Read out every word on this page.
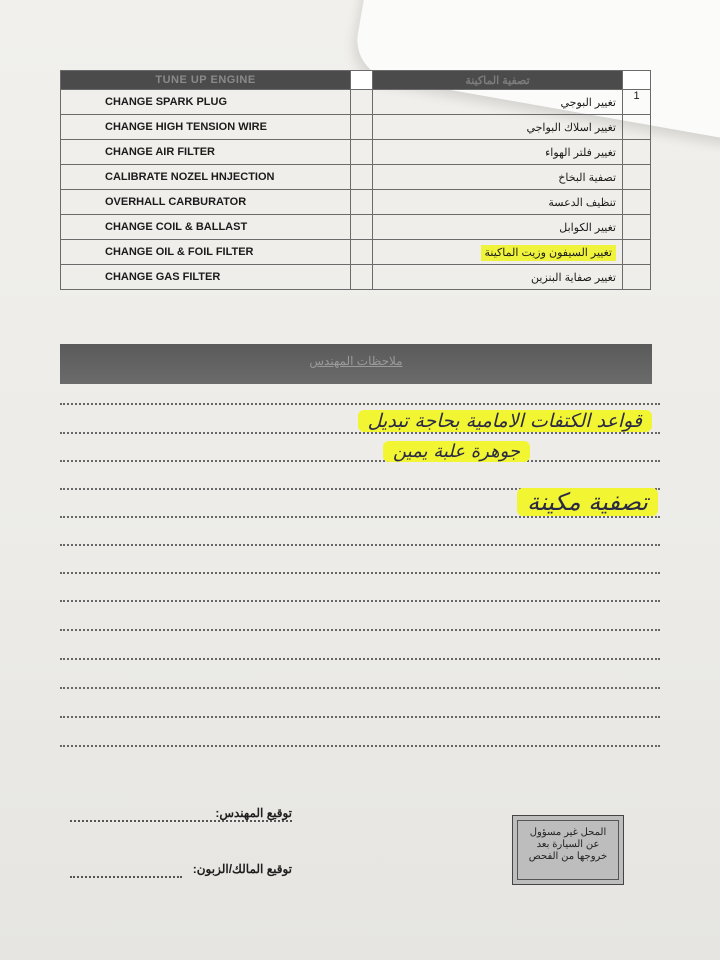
TUNE UP ENGINE		تصفية الماكينة	
CHANGE SPARK PLUG		تغيير البوجي	1
CHANGE HIGH TENSION WIRE		تغيير اسلاك البواجي	
CHANGE AIR FILTER		تغيير فلتر الهواء	
CALIBRATE NOZEL HNJECTION		تصفية البخاخ	
OVERHALL CARBURATOR		تنظيف الدعسة	
CHANGE COIL & BALLAST		تغيير الكوابل	
CHANGE OIL & FOIL FILTER		تغيير السيفون وزيت الماكينة	
CHANGE GAS FILTER		تغيير صفاية البنزين	
ملاحظات المهندس
قواعد الكتفات الامامية بحاجة تبديل
جوهرة علبة يمين
تصفية مكينة
توقيع المهندس:
توقيع المالك/الزبون:
المحل غير مسؤول
عن السيارة بعد
خروجها من الفحص
